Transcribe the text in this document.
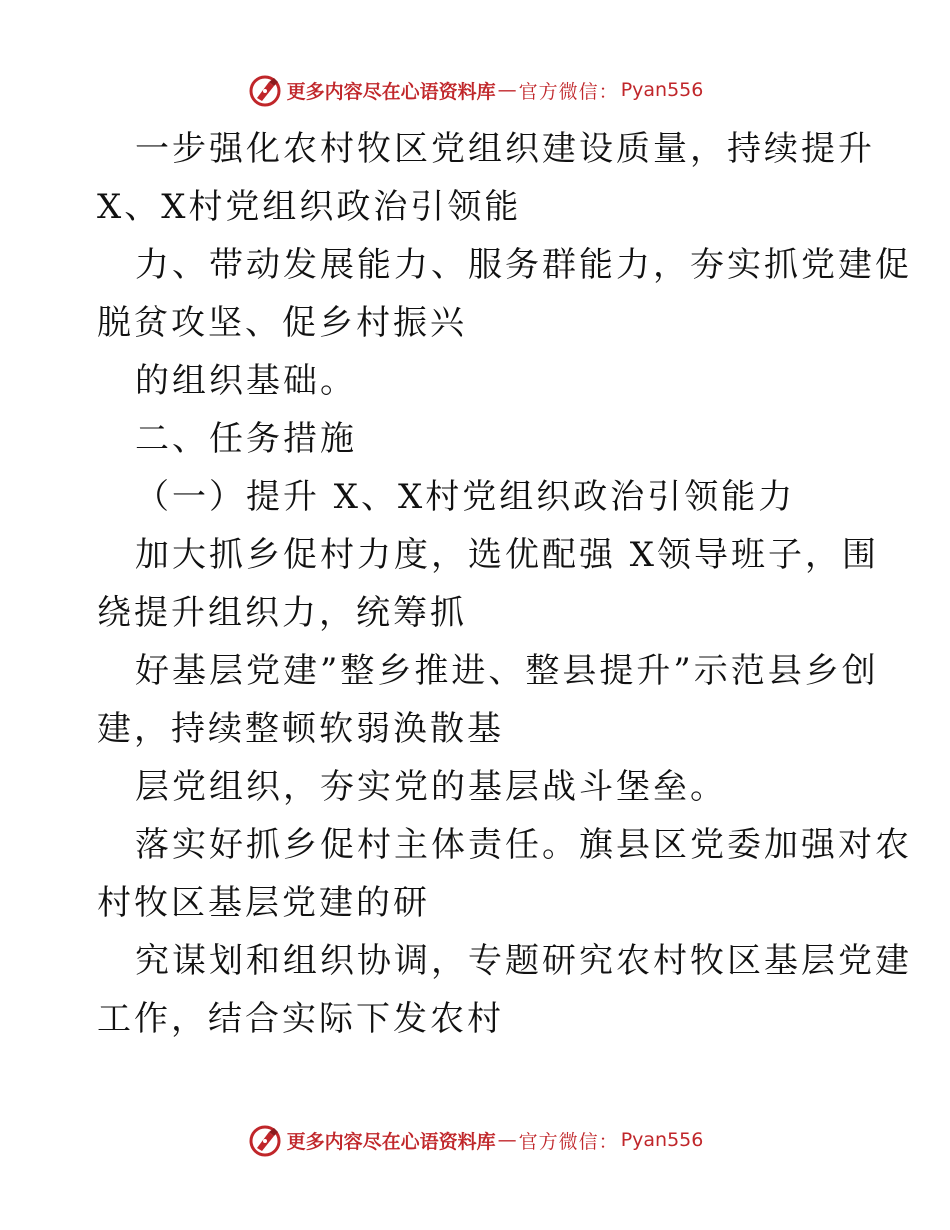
更多内容尽在心语资料库 — 官方微信： Pyan556
一步强化农村牧区党组织建设质量，持续提升
X、X村党组织政治引领能
力、带动发展能力、服务群能力，夯实抓党建促
脱贫攻坚、促乡村振兴
的组织基础。
二、任务措施
（一）提升 X、X村党组织政治引领能力
加大抓乡促村力度，选优配强 X领导班子，围
绕提升组织力，统筹抓
好基层党建”整乡推进、整县提升”示范县乡创
建，持续整顿软弱涣散基
层党组织，夯实党的基层战斗堡垒。
落实好抓乡促村主体责任。旗县区党委加强对农
村牧区基层党建的研
究谋划和组织协调，专题研究农村牧区基层党建
工作，结合实际下发农村
更多内容尽在心语资料库 — 官方微信： Pyan556
